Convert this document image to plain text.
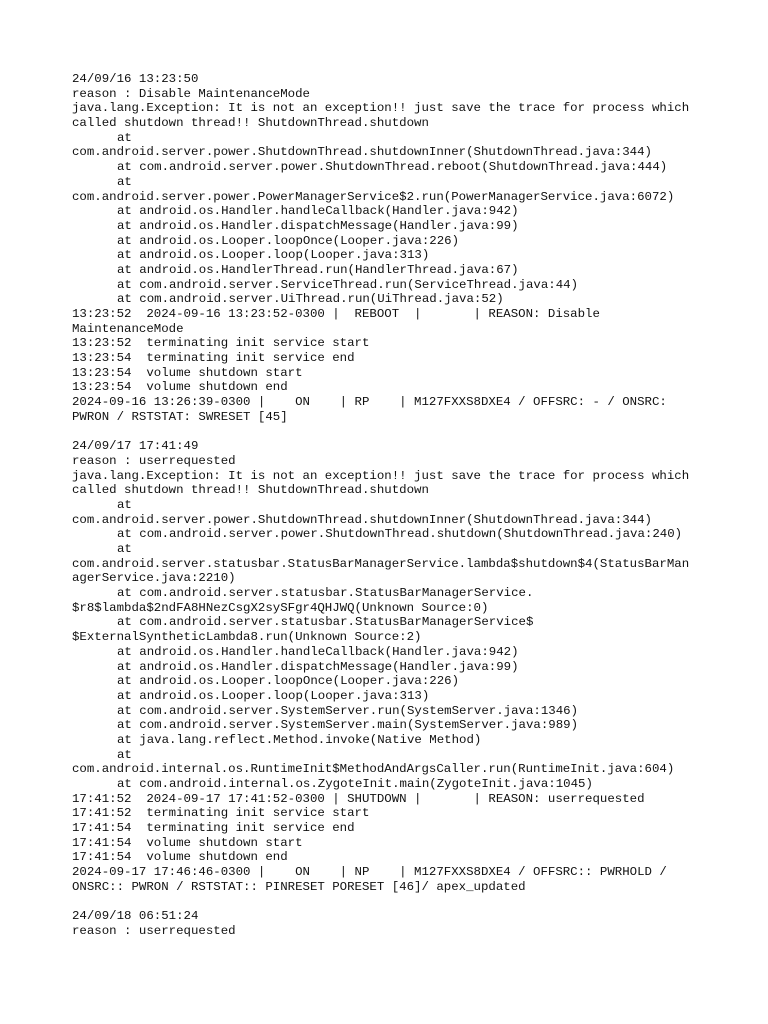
24/09/16 13:23:50
reason : Disable MaintenanceMode
java.lang.Exception: It is not an exception!! just save the trace for process which
called shutdown thread!! ShutdownThread.shutdown
at
com.android.server.power.ShutdownThread.shutdownInner(ShutdownThread.java:344)
at com.android.server.power.ShutdownThread.reboot(ShutdownThread.java:444)
at
com.android.server.power.PowerManagerService$2.run(PowerManagerService.java:6072)
at android.os.Handler.handleCallback(Handler.java:942)
at android.os.Handler.dispatchMessage(Handler.java:99)
at android.os.Looper.loopOnce(Looper.java:226)
at android.os.Looper.loop(Looper.java:313)
at android.os.HandlerThread.run(HandlerThread.java:67)
at com.android.server.ServiceThread.run(ServiceThread.java:44)
at com.android.server.UiThread.run(UiThread.java:52)
13:23:52  2024-09-16 13:23:52-0300 |  REBOOT  |       | REASON: Disable
MaintenanceMode
13:23:52  terminating init service start
13:23:54  terminating init service end
13:23:54  volume shutdown start
13:23:54  volume shutdown end
2024-09-16 13:26:39-0300 |    ON    | RP    | M127FXXS8DXE4 / OFFSRC: - / ONSRC:
PWRON / RSTSTAT: SWRESET [45]
24/09/17 17:41:49
reason : userrequested
java.lang.Exception: It is not an exception!! just save the trace for process which
called shutdown thread!! ShutdownThread.shutdown
at
com.android.server.power.ShutdownThread.shutdownInner(ShutdownThread.java:344)
at com.android.server.power.ShutdownThread.shutdown(ShutdownThread.java:240)
at
com.android.server.statusbar.StatusBarManagerService.lambda$shutdown$4(StatusBarMan
agerService.java:2210)
at com.android.server.statusbar.StatusBarManagerService.
$r8$lambda$2ndFA8HNezCsgX2sySFgr4QHJWQ(Unknown Source:0)
at com.android.server.statusbar.StatusBarManagerService$
$ExternalSyntheticLambda8.run(Unknown Source:2)
at android.os.Handler.handleCallback(Handler.java:942)
at android.os.Handler.dispatchMessage(Handler.java:99)
at android.os.Looper.loopOnce(Looper.java:226)
at android.os.Looper.loop(Looper.java:313)
at com.android.server.SystemServer.run(SystemServer.java:1346)
at com.android.server.SystemServer.main(SystemServer.java:989)
at java.lang.reflect.Method.invoke(Native Method)
at
com.android.internal.os.RuntimeInit$MethodAndArgsCaller.run(RuntimeInit.java:604)
at com.android.internal.os.ZygoteInit.main(ZygoteInit.java:1045)
17:41:52  2024-09-17 17:41:52-0300 | SHUTDOWN |       | REASON: userrequested
17:41:52  terminating init service start
17:41:54  terminating init service end
17:41:54  volume shutdown start
17:41:54  volume shutdown end
2024-09-17 17:46:46-0300 |    ON    | NP    | M127FXXS8DXE4 / OFFSRC:: PWRHOLD /
ONSRC:: PWRON / RSTSTAT:: PINRESET PORESET [46]/ apex_updated
24/09/18 06:51:24
reason : userrequested
